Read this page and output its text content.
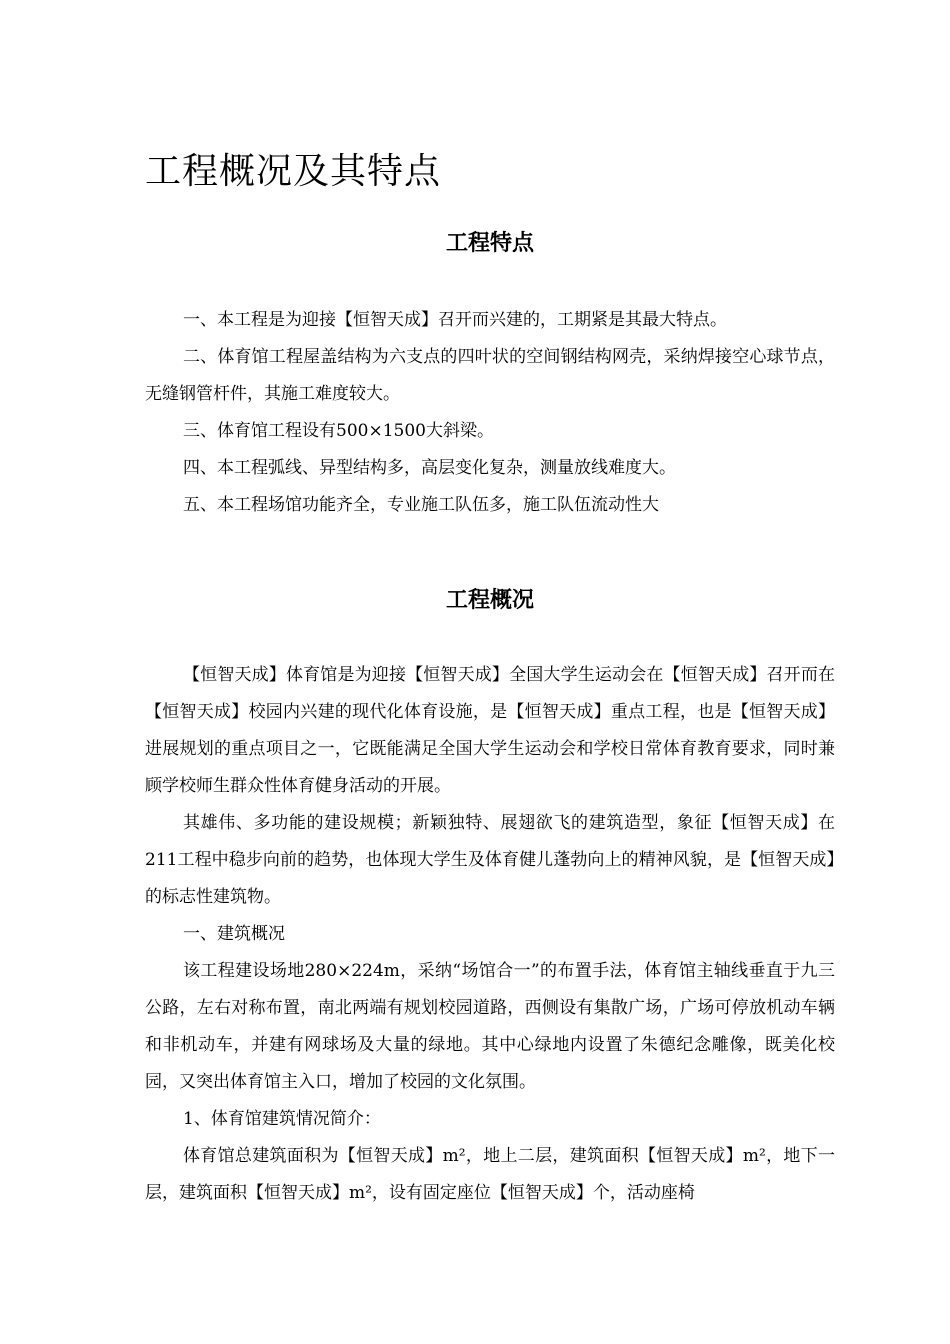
工程概况及其特点
工程特点

一、本工程是为迎接【恒智天成】召开而兴建的，工期紧是其最大特点。

二、体育馆工程屋盖结构为六支点的四叶状的空间钢结构网壳，采纳焊接空心球节点，无缝钢管杆件，其施工难度较大。

三、体育馆工程设有500×1500大斜梁。

四、本工程弧线、异型结构多，高层变化复杂，测量放线难度大。

五、本工程场馆功能齐全，专业施工队伍多，施工队伍流动性大

工程概况

【恒智天成】体育馆是为迎接【恒智天成】全国大学生运动会在【恒智天成】召开而在【恒智天成】校园内兴建的现代化体育设施，是【恒智天成】重点工程，也是【恒智天成】进展规划的重点项目之一，它既能满足全国大学生运动会和学校日常体育教育要求，同时兼顾学校师生群众性体育健身活动的开展。

其雄伟、多功能的建设规模；新颖独特、展翅欲飞的建筑造型，象征【恒智天成】在211工程中稳步向前的趋势，也体现大学生及体育健儿蓬勃向上的精神风貌，是【恒智天成】的标志性建筑物。

一、建筑概况

该工程建设场地280×224m，采纳“场馆合一”的布置手法，体育馆主轴线垂直于九三公路，左右对称布置，南北两端有规划校园道路，西侧设有集散广场，广场可停放机动车辆和非机动车，并建有网球场及大量的绿地。其中心绿地内设置了朱德纪念雕像，既美化校园，又突出体育馆主入口，增加了校园的文化氛围。

1、体育馆建筑情况简介：

体育馆总建筑面积为【恒智天成】m²，地上二层，建筑面积【恒智天成】m²，地下一层，建筑面积【恒智天成】m²，设有固定座位【恒智天成】个，活动座椅
